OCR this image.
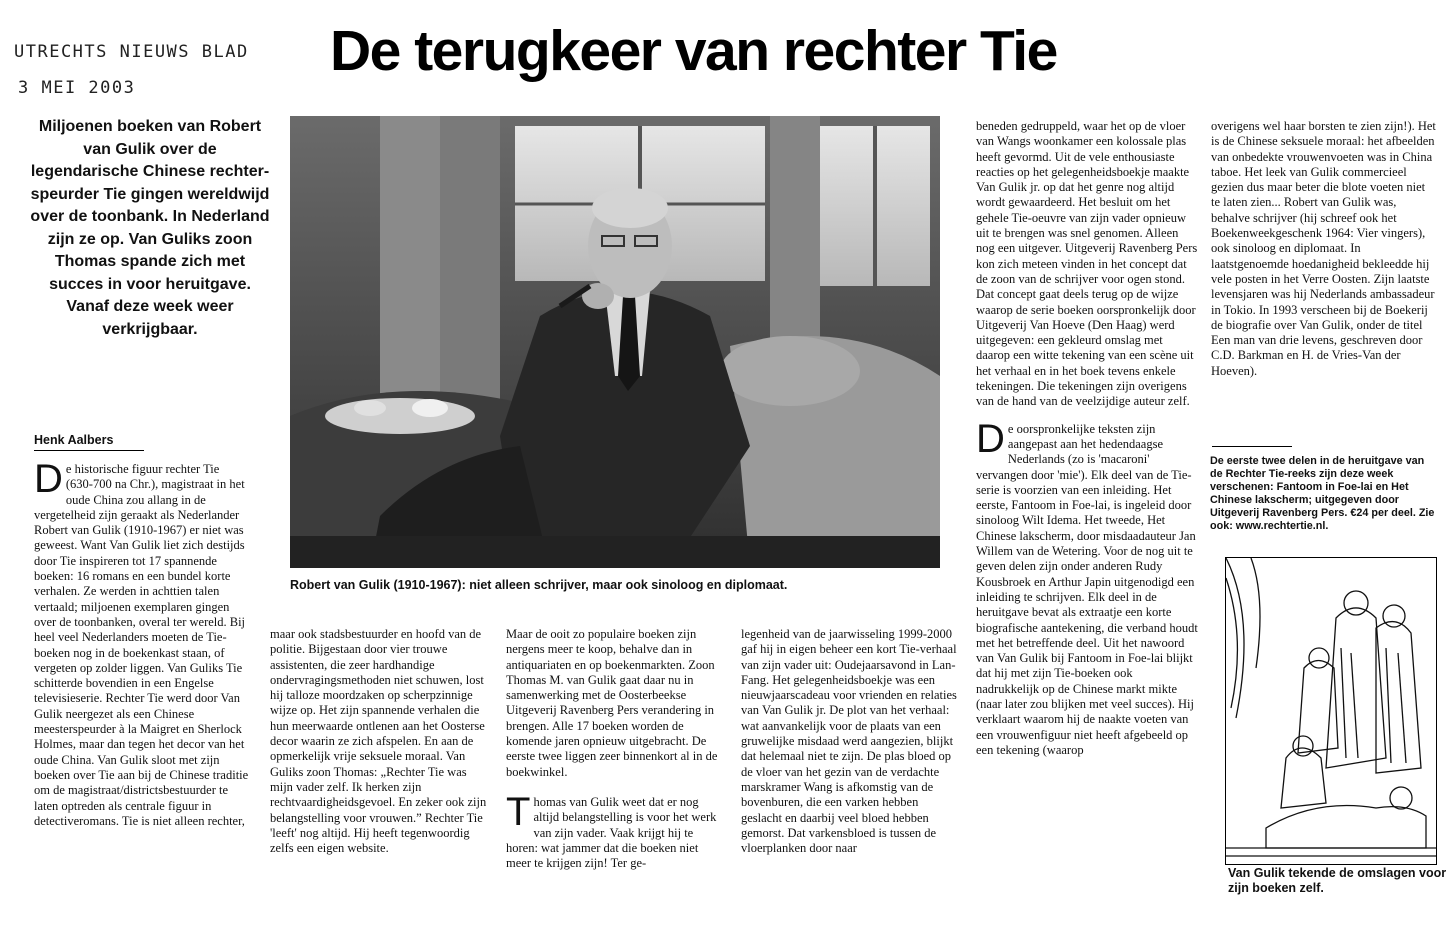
UTRECHTS NIEUWS BLAD
3 MEI 2003
De terugkeer van rechter Tie
Miljoenen boeken van Robert van Gulik over de legendarische Chinese rechter-speurder Tie gingen wereldwijd over de toonbank. In Nederland zijn ze op. Van Guliks zoon Thomas spande zich met succes in voor heruitgave. Vanaf deze week weer verkrijgbaar.
Henk Aalbers
De historische figuur rechter Tie (630-700 na Chr.), magistraat in het oude China zou allang in de vergetelheid zijn geraakt als Nederlander Robert van Gulik (1910-1967) er niet was geweest. Want Van Gulik liet zich destijds door Tie inspireren tot 17 spannende boeken: 16 romans en een bundel korte verhalen. Ze werden in achttien talen vertaald; miljoenen exemplaren gingen over de toonbanken, overal ter wereld. Bij heel veel Nederlanders moeten de Tie-boeken nog in de boekenkast staan, of vergeten op zolder liggen. Van Guliks Tie schitterde bovendien in een Engelse televisieserie. Rechter Tie werd door Van Gulik neergezet als een Chinese meesterspeurder à la Maigret en Sherlock Holmes, maar dan tegen het decor van het oude China. Van Gulik sloot met zijn boeken over Tie aan bij de Chinese traditie om de magistraat/districtsbestuurder te laten optreden als centrale figuur in detectiveromans. Tie is niet alleen rechter,
Robert van Gulik (1910-1967): niet alleen schrijver, maar ook sinoloog en diplomaat.
maar ook stadsbestuurder en hoofd van de politie. Bijgestaan door vier trouwe assistenten, die zeer hardhandige ondervragingsmethoden niet schuwen, lost hij talloze moordzaken op scherpzinnige wijze op. Het zijn spannende verhalen die hun meerwaarde ontlenen aan het Oosterse decor waarin ze zich afspelen. En aan de opmerkelijk vrije seksuele moraal. Van Guliks zoon Thomas: „Rechter Tie was mijn vader zelf. Ik herken zijn rechtvaardigheidsgevoel. En zeker ook zijn belangstelling voor vrouwen.” Rechter Tie 'leeft' nog altijd. Hij heeft tegenwoordig zelfs een eigen website.

Maar de ooit zo populaire boeken zijn nergens meer te koop, behalve dan in antiquariaten en op boekenmarkten. Zoon Thomas M. van Gulik gaat daar nu in samenwerking met de Oosterbeekse Uitgeverij Ravenberg Pers verandering in brengen. Alle 17 boeken worden de komende jaren opnieuw uitgebracht. De eerste twee liggen zeer binnenkort al in de boekwinkel.

Thomas van Gulik weet dat er nog altijd belangstelling is voor het werk van zijn vader. Vaak krijgt hij te horen: wat jammer dat die boeken niet meer te krijgen zijn! Ter ge-

legenheid van de jaarwisseling 1999-2000 gaf hij in eigen beheer een kort Tie-verhaal van zijn vader uit: Oudejaarsavond in Lan-Fang. Het gelegenheidsboekje was een nieuwjaarscadeau voor vrienden en relaties van Van Gulik jr. De plot van het verhaal: wat aanvankelijk voor de plaats van een gruwelijke misdaad werd aangezien, blijkt dat helemaal niet te zijn. De plas bloed op de vloer van het gezin van de verdachte marskramer Wang is afkomstig van de bovenburen, die een varken hebben geslacht en daarbij veel bloed hebben gemorst. Dat varkensbloed is tussen de vloerplanken door naar

beneden gedruppeld, waar het op de vloer van Wangs woonkamer een kolossale plas heeft gevormd. Uit de vele enthousiaste reacties op het gelegenheidsboekje maakte Van Gulik jr. op dat het genre nog altijd wordt gewaardeerd. Het besluit om het gehele Tie-oeuvre van zijn vader opnieuw uit te brengen was snel genomen. Alleen nog een uitgever. Uitgeverij Ravenberg Pers kon zich meteen vinden in het concept dat de zoon van de schrijver voor ogen stond. Dat concept gaat deels terug op de wijze waarop de serie boeken oorspronkelijk door Uitgeverij Van Hoeve (Den Haag) werd uitgegeven: een gekleurd omslag met daarop een witte tekening van een scène uit het verhaal en in het boek tevens enkele tekeningen. Die tekeningen zijn overigens van de hand van de veelzijdige auteur zelf.

De oorspronkelijke teksten zijn aangepast aan het hedendaagse Nederlands (zo is 'macaroni' vervangen door 'mie'). Elk deel van de Tie-serie is voorzien van een inleiding. Het eerste, Fantoom in Foe-lai, is ingeleid door sinoloog Wilt Idema. Het tweede, Het Chinese lakscherm, door misdaadauteur Jan Willem van de Wetering. Voor de nog uit te geven delen zijn onder anderen Rudy Kousbroek en Arthur Japin uitgenodigd een inleiding te schrijven. Elk deel in de heruitgave bevat als extraatje een korte biografische aantekening, die verband houdt met het betreffende deel. Uit het nawoord van Van Gulik bij Fantoom in Foe-lai blijkt dat hij met zijn Tie-boeken ook nadrukkelijk op de Chinese markt mikte (naar later zou blijken met veel succes). Hij verklaart waarom hij de naakte voeten van een vrouwenfiguur niet heeft afgebeeld op een tekening (waarop

overigens wel haar borsten te zien zijn!). Het is de Chinese seksuele moraal: het afbeelden van onbedekte vrouwenvoeten was in China taboe. Het leek van Gulik commercieel gezien dus maar beter die blote voeten niet te laten zien... Robert van Gulik was, behalve schrijver (hij schreef ook het Boekenweekgeschenk 1964: Vier vingers), ook sinoloog en diplomaat. In laatstgenoemde hoedanigheid bekleedde hij vele posten in het Verre Oosten. Zijn laatste levensjaren was hij Nederlands ambassadeur in Tokio. In 1993 verscheen bij de Boekerij de biografie over Van Gulik, onder de titel Een man van drie levens, geschreven door C.D. Barkman en H. de Vries-Van der Hoeven).
De eerste twee delen in de heruitgave van de Rechter Tie-reeks zijn deze week verschenen: Fantoom in Foe-lai en Het Chinese lakscherm; uitgegeven door Uitgeverij Ravenberg Pers. €24 per deel. Zie ook: www.rechtertie.nl.
Van Gulik tekende de omslagen voor zijn boeken zelf.
